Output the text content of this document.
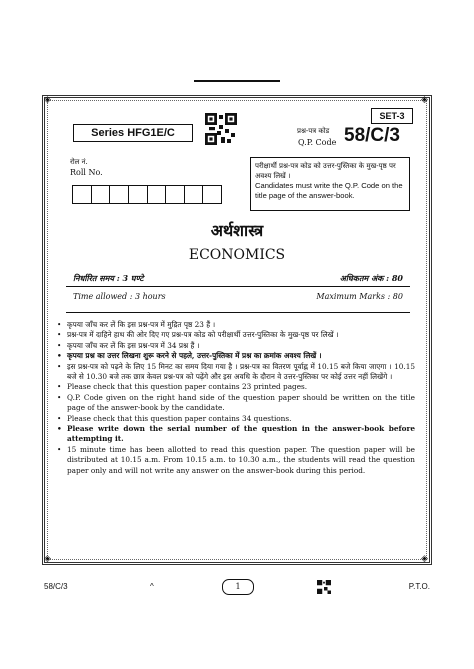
◈	◈
◈	◈
SET-3
Series HFG1E/C	प्रश्न-पत्र कोड
Q.P. Code 58/C/3
रोल नं.
Roll No.
परीक्षार्थी प्रश्न-पत्र कोड को उत्तर-पुस्तिका के मुख-पृष्ठ पर अवश्य लिखें ।
Candidates must write the Q.P. Code on the title page of the answer-book.
अर्थशास्त्र
ECONOMICS
निर्धारित समय : 3 घण्टे	अधिकतम अंक : 80
Time allowed : 3 hours	Maximum Marks : 80
• कृपया जाँच कर लें कि इस प्रश्न-पत्र में मुद्रित पृष्ठ 23 हैं ।
• प्रश्न-पत्र में दाहिने हाथ की ओर दिए गए प्रश्न-पत्र कोड को परीक्षार्थी उत्तर-पुस्तिका के मुख-पृष्ठ पर लिखें ।
• कृपया जाँच कर लें कि इस प्रश्न-पत्र में 34 प्रश्न हैं ।
• कृपया प्रश्न का उत्तर लिखना शुरू करने से पहले, उत्तर-पुस्तिका में प्रश्न का क्रमांक अवश्य लिखें ।
• इस प्रश्न-पत्र को पढ़ने के लिए 15 मिनट का समय दिया गया है । प्रश्न-पत्र का वितरण पूर्वाह्न में 10.15 बजे किया जाएगा । 10.15 बजे से 10.30 बजे तक छात्र केवल प्रश्न-पत्र को पढ़ेंगे और इस अवधि के दौरान वे उत्तर-पुस्तिका पर कोई उत्तर नहीं लिखेंगे ।
• Please check that this question paper contains 23 printed pages.
• Q.P. Code given on the right hand side of the question paper should be written on the title page of the answer-book by the candidate.
• Please check that this question paper contains 34 questions.
• Please write down the serial number of the question in the answer-book before attempting it.
• 15 minute time has been allotted to read this question paper. The question paper will be distributed at 10.15 a.m. From 10.15 a.m. to 10.30 a.m., the students will read the question paper only and will not write any answer on the answer-book during this period.
58/C/3	^	1	P.T.O.
